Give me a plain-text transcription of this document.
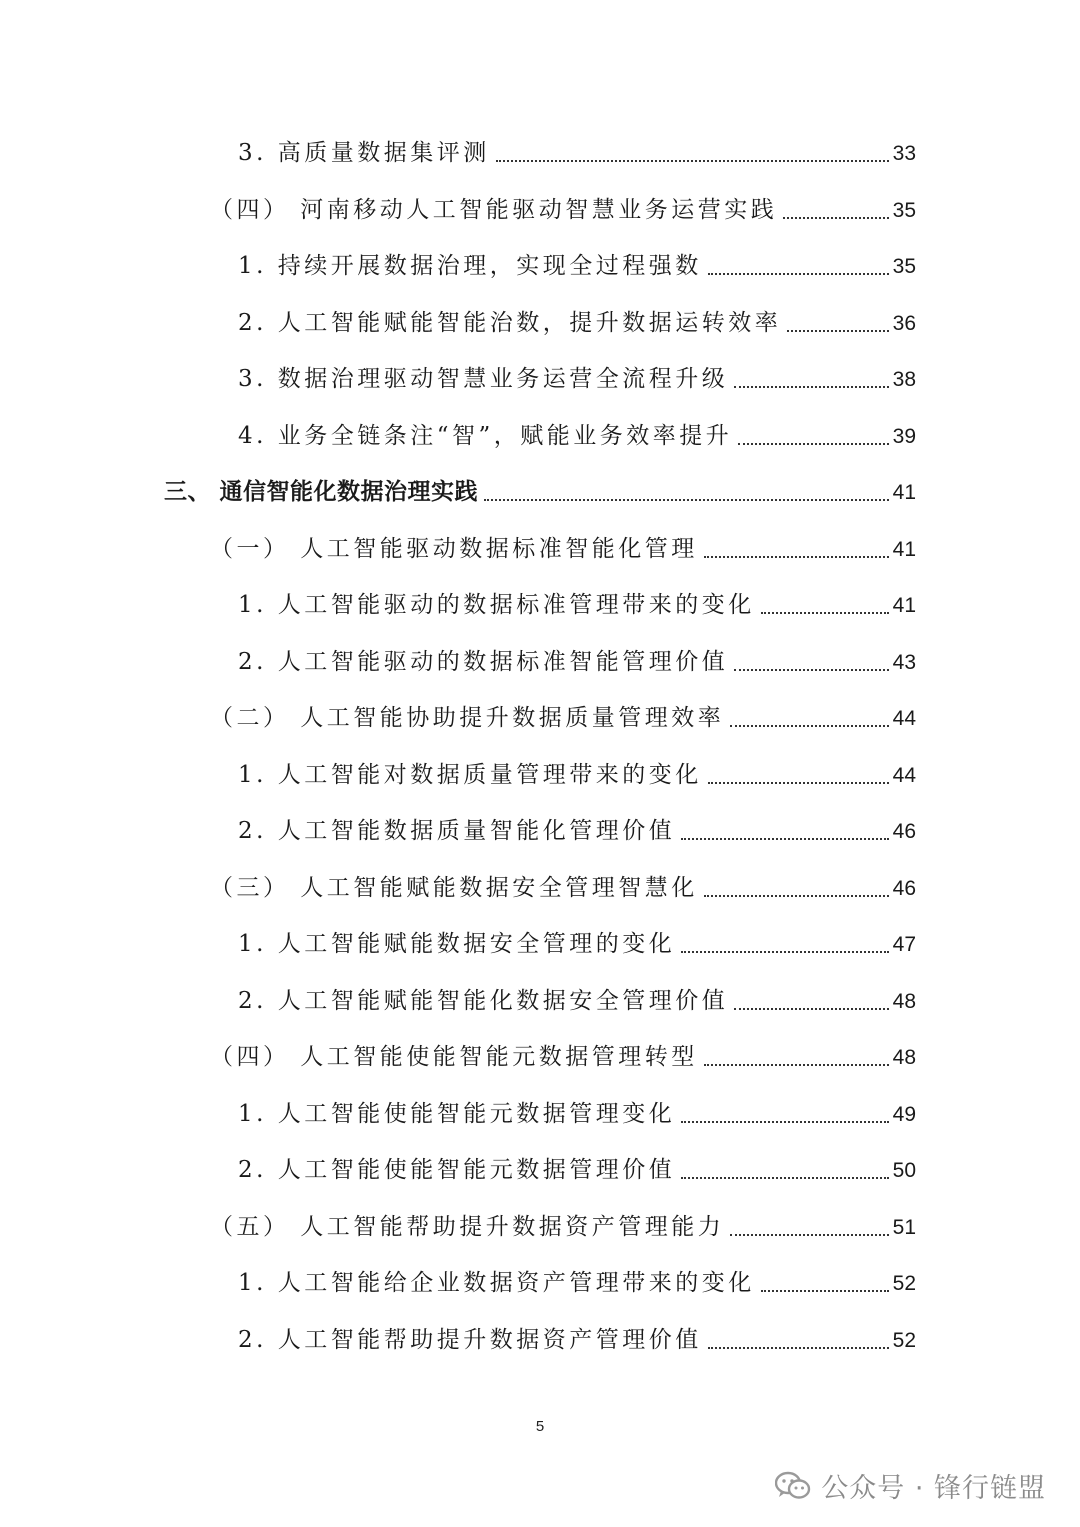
3. 高质量数据集评测	33
（四） 河南移动人工智能驱动智慧业务运营实践	35
1. 持续开展数据治理，实现全过程强数	35
2. 人工智能赋能智能治数，提升数据运转效率	36
3. 数据治理驱动智慧业务运营全流程升级	38
4. 业务全链条注“智”，赋能业务效率提升	39
三、 通信智能化数据治理实践	41
（一） 人工智能驱动数据标准智能化管理	41
1. 人工智能驱动的数据标准管理带来的变化	41
2. 人工智能驱动的数据标准智能管理价值	43
（二） 人工智能协助提升数据质量管理效率	44
1. 人工智能对数据质量管理带来的变化	44
2. 人工智能数据质量智能化管理价值	46
（三） 人工智能赋能数据安全管理智慧化	46
1. 人工智能赋能数据安全管理的变化	47
2. 人工智能赋能智能化数据安全管理价值	48
（四） 人工智能使能智能元数据管理转型	48
1. 人工智能使能智能元数据管理变化	49
2. 人工智能使能智能元数据管理价值	50
（五） 人工智能帮助提升数据资产管理能力	51
1. 人工智能给企业数据资产管理带来的变化	52
2. 人工智能帮助提升数据资产管理价值	52
5
公众号 · 锋行链盟
